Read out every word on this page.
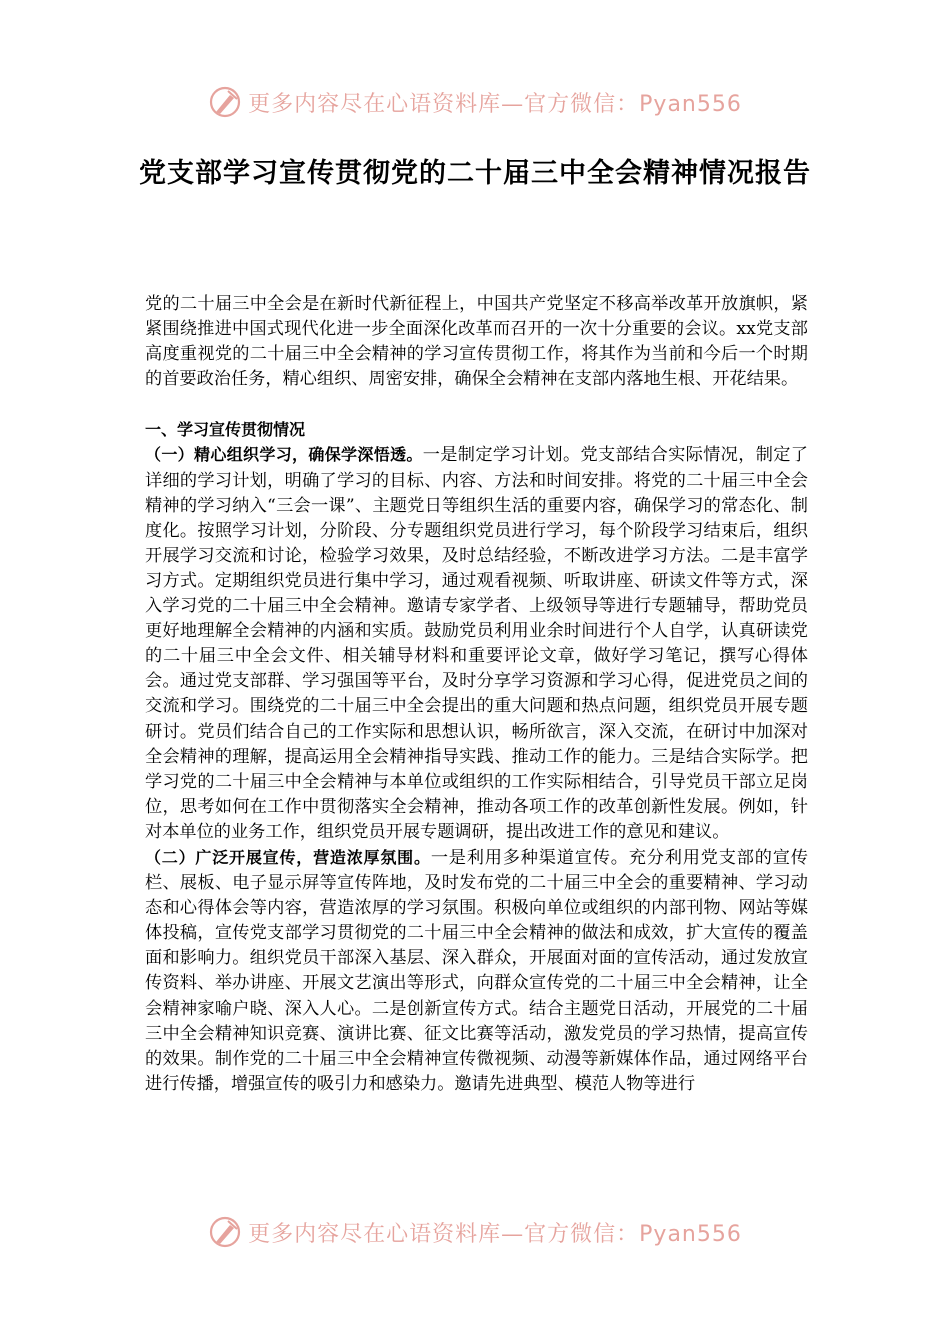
更多内容尽在心语资料库—官方微信：Pyan556
党支部学习宣传贯彻党的二十届三中全会精神情况报告

党的二十届三中全会是在新时代新征程上，中国共产党坚定不移高举改革开放旗帜，紧紧围绕推进中国式现代化进一步全面深化改革而召开的一次十分重要的会议。xx党支部高度重视党的二十届三中全会精神的学习宣传贯彻工作，将其作为当前和今后一个时期的首要政治任务，精心组织、周密安排，确保全会精神在支部内落地生根、开花结果。

一、学习宣传贯彻情况

（一）精心组织学习，确保学深悟透。一是制定学习计划。党支部结合实际情况，制定了详细的学习计划，明确了学习的目标、内容、方法和时间安排。将党的二十届三中全会精神的学习纳入“三会一课”、主题党日等组织生活的重要内容，确保学习的常态化、制度化。按照学习计划，分阶段、分专题组织党员进行学习，每个阶段学习结束后，组织开展学习交流和讨论，检验学习效果，及时总结经验，不断改进学习方法。二是丰富学习方式。定期组织党员进行集中学习，通过观看视频、听取讲座、研读文件等方式，深入学习党的二十届三中全会精神。邀请专家学者、上级领导等进行专题辅导，帮助党员更好地理解全会精神的内涵和实质。鼓励党员利用业余时间进行个人自学，认真研读党的二十届三中全会文件、相关辅导材料和重要评论文章，做好学习笔记，撰写心得体会。通过党支部群、学习强国等平台，及时分享学习资源和学习心得，促进党员之间的交流和学习。围绕党的二十届三中全会提出的重大问题和热点问题，组织党员开展专题研讨。党员们结合自己的工作实际和思想认识，畅所欲言，深入交流，在研讨中加深对全会精神的理解，提高运用全会精神指导实践、推动工作的能力。三是结合实际学。把学习党的二十届三中全会精神与本单位或组织的工作实际相结合，引导党员干部立足岗位，思考如何在工作中贯彻落实全会精神，推动各项工作的改革创新性发展。例如，针对本单位的业务工作，组织党员开展专题调研，提出改进工作的意见和建议。

（二）广泛开展宣传，营造浓厚氛围。一是利用多种渠道宣传。充分利用党支部的宣传栏、展板、电子显示屏等宣传阵地，及时发布党的二十届三中全会的重要精神、学习动态和心得体会等内容，营造浓厚的学习氛围。积极向单位或组织的内部刊物、网站等媒体投稿，宣传党支部学习贯彻党的二十届三中全会精神的做法和成效，扩大宣传的覆盖面和影响力。组织党员干部深入基层、深入群众，开展面对面的宣传活动，通过发放宣传资料、举办讲座、开展文艺演出等形式，向群众宣传党的二十届三中全会精神，让全会精神家喻户晓、深入人心。二是创新宣传方式。结合主题党日活动，开展党的二十届三中全会精神知识竞赛、演讲比赛、征文比赛等活动，激发党员的学习热情，提高宣传的效果。制作党的二十届三中全会精神宣传微视频、动漫等新媒体作品，通过网络平台进行传播，增强宣传的吸引力和感染力。邀请先进典型、模范人物等进行

更多内容尽在心语资料库—官方微信：Pyan556
